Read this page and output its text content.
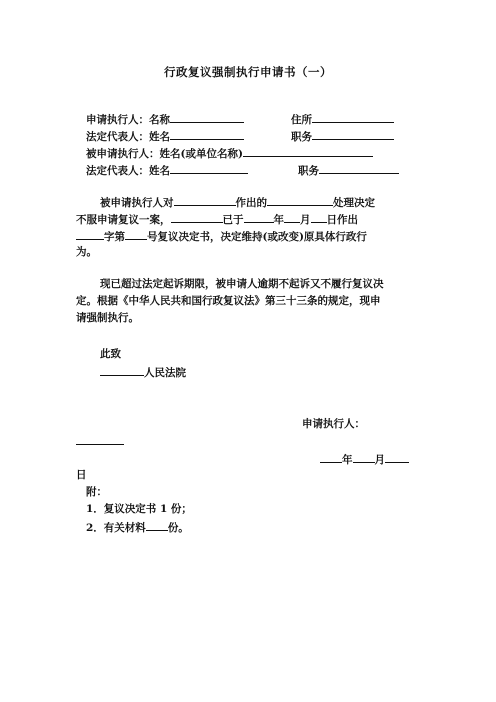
行政复议强制执行申请书（一）
申请执行人：名称	住所
法定代表人：姓名	职务
被申请执行人：姓名(或单位名称)
法定代表人：姓名	职务
被申请执行人对	作出的	处理决定
不服申请复议一案，	已于	年 月 日作出
字第 号复议决定书，决定维持(或改变)原具体行政行
为。
现已超过法定起诉期限，被申请人逾期不起诉又不履行复议决
定。根据《中华人民共和国行政复议法》第三十三条的规定，现申
请强制执行。
此致
人民法院
申请执行人：
年 月
日
附：
1．复议决定书 1 份；
2．有关材料 份。
